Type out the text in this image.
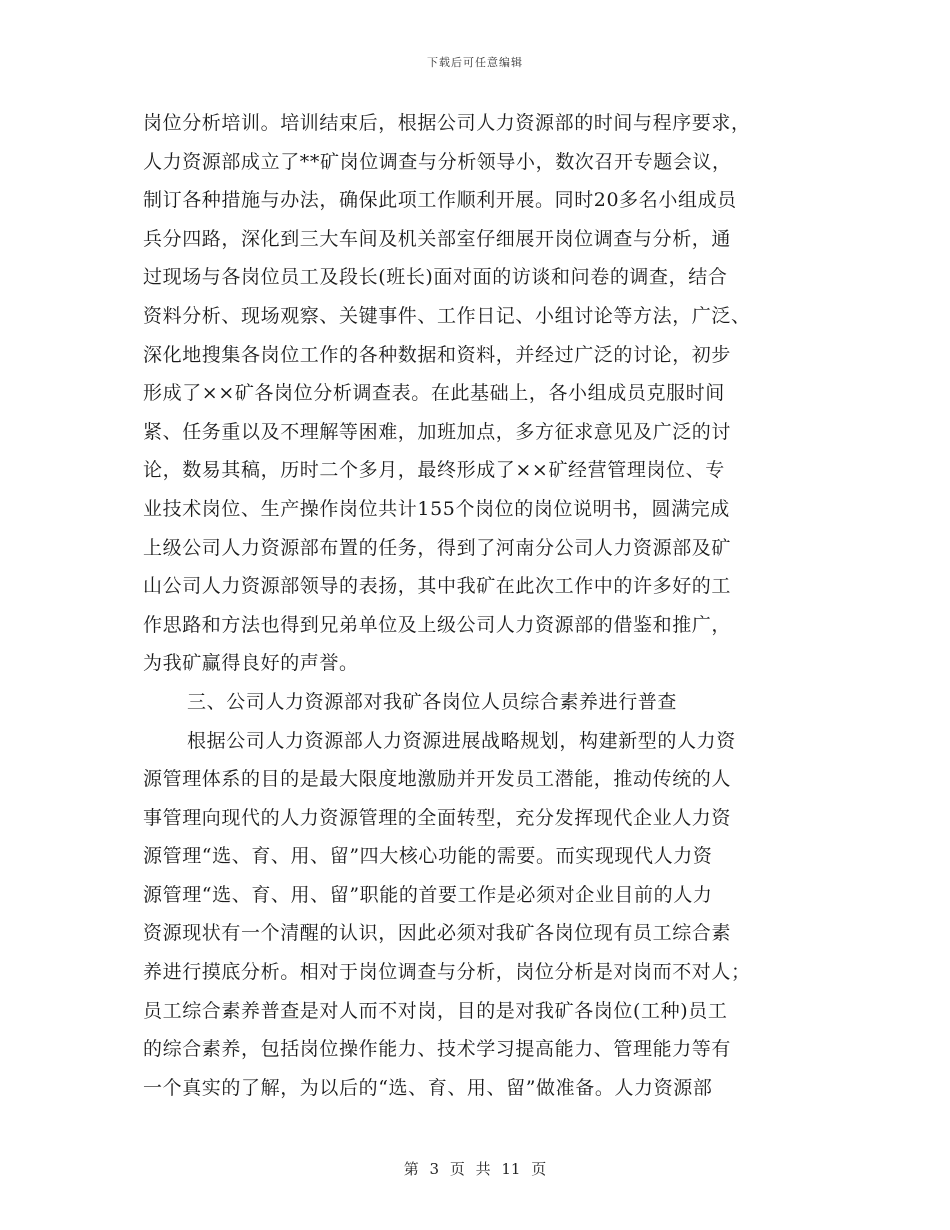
下载后可任意编辑
岗位分析培训。培训结束后，根据公司人力资源部的时间与程序要求，
人力资源部成立了**矿岗位调查与分析领导小，数次召开专题会议，
制订各种措施与办法，确保此项工作顺利开展。同时20多名小组成员
兵分四路，深化到三大车间及机关部室仔细展开岗位调查与分析，通
过现场与各岗位员工及段长(班长)面对面的访谈和问卷的调查，结合
资料分析、现场观察、关键事件、工作日记、小组讨论等方法，广泛、
深化地搜集各岗位工作的各种数据和资料，并经过广泛的讨论，初步
形成了××矿各岗位分析调查表。在此基础上，各小组成员克服时间
紧、任务重以及不理解等困难，加班加点，多方征求意见及广泛的讨
论，数易其稿，历时二个多月，最终形成了××矿经营管理岗位、专
业技术岗位、生产操作岗位共计155个岗位的岗位说明书，圆满完成
上级公司人力资源部布置的任务，得到了河南分公司人力资源部及矿
山公司人力资源部领导的表扬，其中我矿在此次工作中的许多好的工
作思路和方法也得到兄弟单位及上级公司人力资源部的借鉴和推广，
为我矿赢得良好的声誉。
三、公司人力资源部对我矿各岗位人员综合素养进行普查
根据公司人力资源部人力资源进展战略规划，构建新型的人力资
源管理体系的目的是最大限度地激励并开发员工潜能，推动传统的人
事管理向现代的人力资源管理的全面转型，充分发挥现代企业人力资
源管理“选、育、用、留”四大核心功能的需要。而实现现代人力资
源管理“选、育、用、留”职能的首要工作是必须对企业目前的人力
资源现状有一个清醒的认识，因此必须对我矿各岗位现有员工综合素
养进行摸底分析。相对于岗位调查与分析，岗位分析是对岗而不对人；
员工综合素养普查是对人而不对岗，目的是对我矿各岗位(工种)员工
的综合素养，包括岗位操作能力、技术学习提高能力、管理能力等有
一个真实的了解，为以后的“选、育、用、留”做准备。人力资源部
第 3 页 共 11 页
